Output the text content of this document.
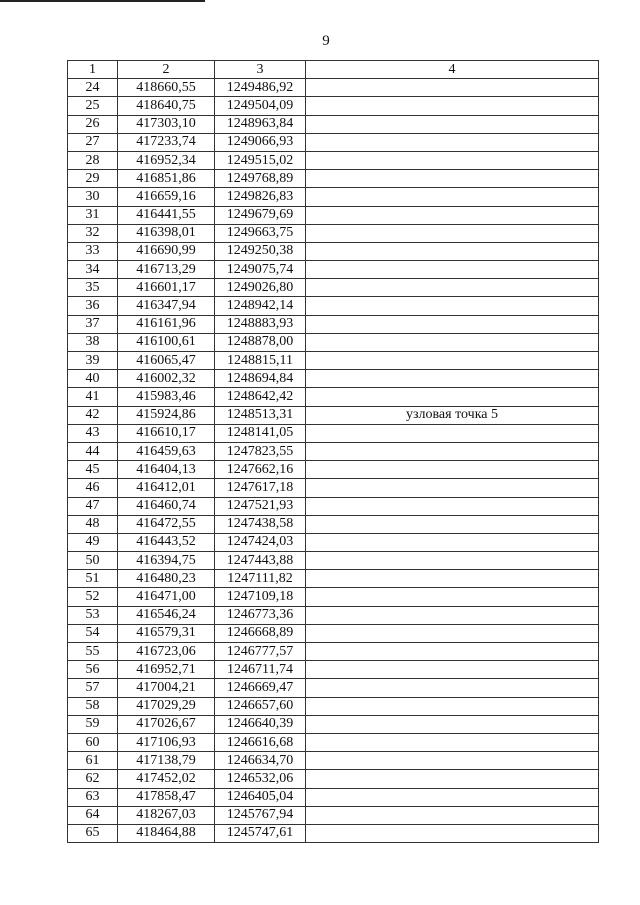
9
1	2	3	4
24	418660,55	1249486,92	
25	418640,75	1249504,09	
26	417303,10	1248963,84	
27	417233,74	1249066,93	
28	416952,34	1249515,02	
29	416851,86	1249768,89	
30	416659,16	1249826,83	
31	416441,55	1249679,69	
32	416398,01	1249663,75	
33	416690,99	1249250,38	
34	416713,29	1249075,74	
35	416601,17	1249026,80	
36	416347,94	1248942,14	
37	416161,96	1248883,93	
38	416100,61	1248878,00	
39	416065,47	1248815,11	
40	416002,32	1248694,84	
41	415983,46	1248642,42	
42	415924,86	1248513,31	узловая точка 5
43	416610,17	1248141,05	
44	416459,63	1247823,55	
45	416404,13	1247662,16	
46	416412,01	1247617,18	
47	416460,74	1247521,93	
48	416472,55	1247438,58	
49	416443,52	1247424,03	
50	416394,75	1247443,88	
51	416480,23	1247111,82	
52	416471,00	1247109,18	
53	416546,24	1246773,36	
54	416579,31	1246668,89	
55	416723,06	1246777,57	
56	416952,71	1246711,74	
57	417004,21	1246669,47	
58	417029,29	1246657,60	
59	417026,67	1246640,39	
60	417106,93	1246616,68	
61	417138,79	1246634,70	
62	417452,02	1246532,06	
63	417858,47	1246405,04	
64	418267,03	1245767,94	
65	418464,88	1245747,61	
